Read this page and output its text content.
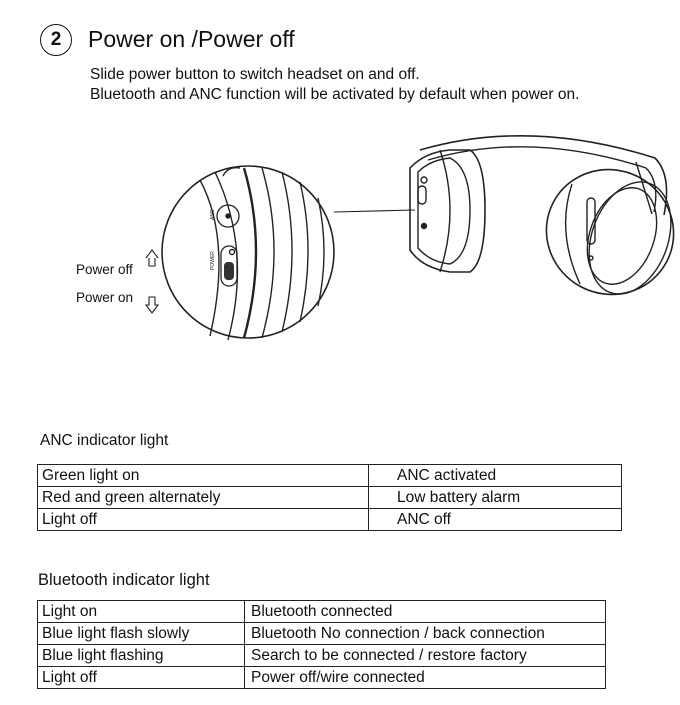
2 Power on /Power off
Slide power button to switch headset on and off.
Bluetooth and ANC function will be activated by default when power on.
ANC
POWER
Power off
Power on
ANC indicator light
Green light on	ANC activated
Red and green alternately	Low battery alarm
Light off	ANC off
Bluetooth indicator light
Light on	Bluetooth connected
Blue light flash slowly	Bluetooth No connection / back connection
Blue light flashing	Search to be connected / restore factory
Light off	Power off/wire connected
